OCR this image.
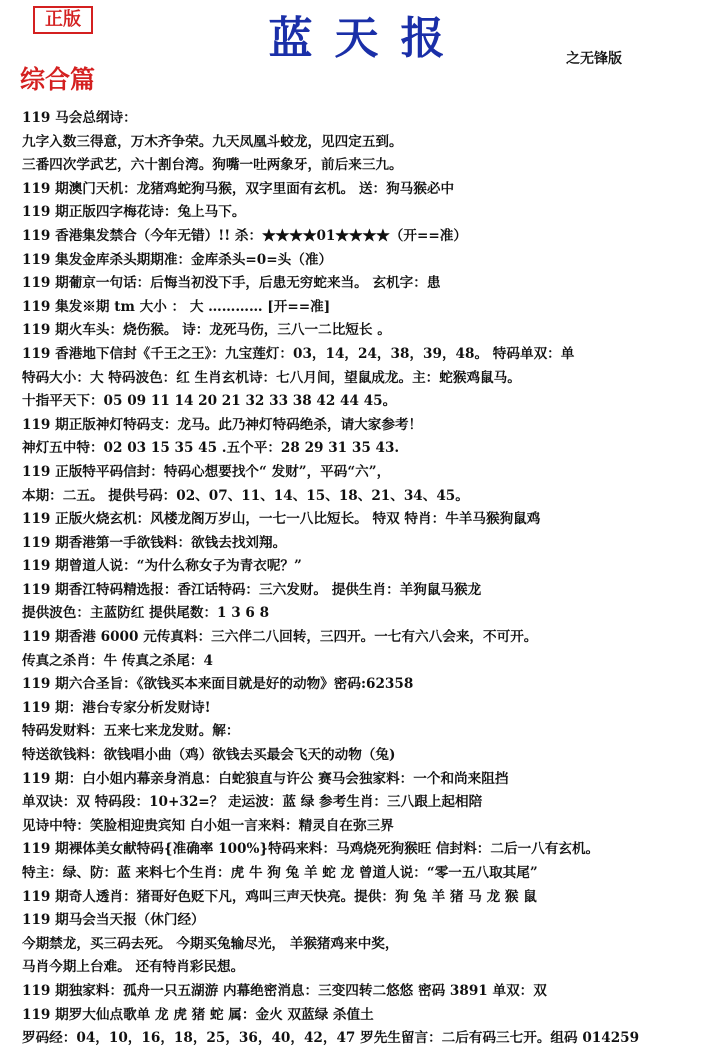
正版	蓝天报	之无锋版
综合篇
119 马会总纲诗：
九字入数三得意，万木齐争荣。九天凤凰斗蛟龙，见四定五到。
三番四次学武艺，六十割台湾。狗嘴一吐两象牙，前后来三九。
119 期澳门天机：龙猪鸡蛇狗马猴，双字里面有玄机。 送：狗马猴必中
119 期正版四字梅花诗：兔上马下。
119 香港集发禁合（今年无错）!! 杀：★★★★01★★★★（开==准）
119 集发金库杀头期期准：金库杀头=0=头（准）
119 期葡京一句话：后悔当初没下手，后患无穷蛇来当。 玄机字：患
119 集发※期 tm 大小 ： 大 ………… [开==准]
119 期火车头：烧伤猴。 诗：龙死马伤，三八一二比短长 。
119 香港地下信封《千王之王》：九宝莲灯：03，14，24，38，39，48。 特码单双：单
特码大小：大 特码波色：红 生肖玄机诗：七八月间，望鼠成龙。主：蛇猴鸡鼠马。
十指平天下：05 09 11 14 20 21 32 33 38 42 44 45。
119 期正版神灯特码支：龙马。此乃神灯特码绝杀，请大家参考！
神灯五中特：02 03 15 35 45 .五个平：28 29 31 35 43.
119 正版特平码信封：特码心想要找个“ 发财”，平码“六”，
本期：二五。 提供号码：02、07、11、14、15、18、21、34、45。
119 正版火烧玄机：风楼龙阁万岁山，一七一八比短长。 特双 特肖：牛羊马猴狗鼠鸡
119 期香港第一手欲钱料：欲钱去找刘翔。
119 期曾道人说：“为什么称女子为青衣呢？”
119 期香江特码精选报：香江话特码：三六发财。 提供生肖：羊狗鼠马猴龙
提供波色：主蓝防红 提供尾数：1 3 6 8
119 期香港 6000 元传真料：三六伴二八回转，三四开。一七有六八会来，不可开。
传真之杀肖：牛 传真之杀尾：4
119 期六合圣旨：《欲钱买本来面目就是好的动物》密码:62358
119 期：港台专家分析发财诗!
特码发财料：五来七来龙发财。解：
特送欲钱料：欲钱唱小曲（鸡）欲钱去买最会飞天的动物（兔)
119 期：白小姐内幕亲身消息：白蛇狼直与许公 赛马会独家料：一个和尚来阻挡
单双诀：双 特码段：10+32=？ 走运波：蓝 绿 参考生肖：三八跟上起相陪
见诗中特：笑脸相迎贵宾知 白小姐一言来料：精灵自在弥三界
119 期裸体美女献特码{准确率 100%}特码来料：马鸡烧死狗猴旺 信封料：二后一八有玄机。
特主：绿、防：蓝 来料七个生肖：虎 牛 狗 兔 羊 蛇 龙 曾道人说：“零一五八取其尾”
119 期奇人透肖：猪哥好色贬下凡，鸡叫三声天快亮。提供：狗 兔 羊 猪 马 龙 猴 鼠
119 期马会当天报（休门经）
今期禁龙，买三码去死。 今期买兔输尽光， 羊猴猪鸡来中奖，
马肖今期上台难。 还有特肖彩民想。
119 期独家料：孤舟一只五湖游 内幕绝密消息：三变四转二悠悠 密码 3891 单双：双
119 期罗大仙点歌单 龙 虎 猪 蛇 属：金火 双蓝绿 杀值土
罗码经：04，10，16，18，25，36，40，42，47 罗先生留言：二后有码三七开。组码 014259
